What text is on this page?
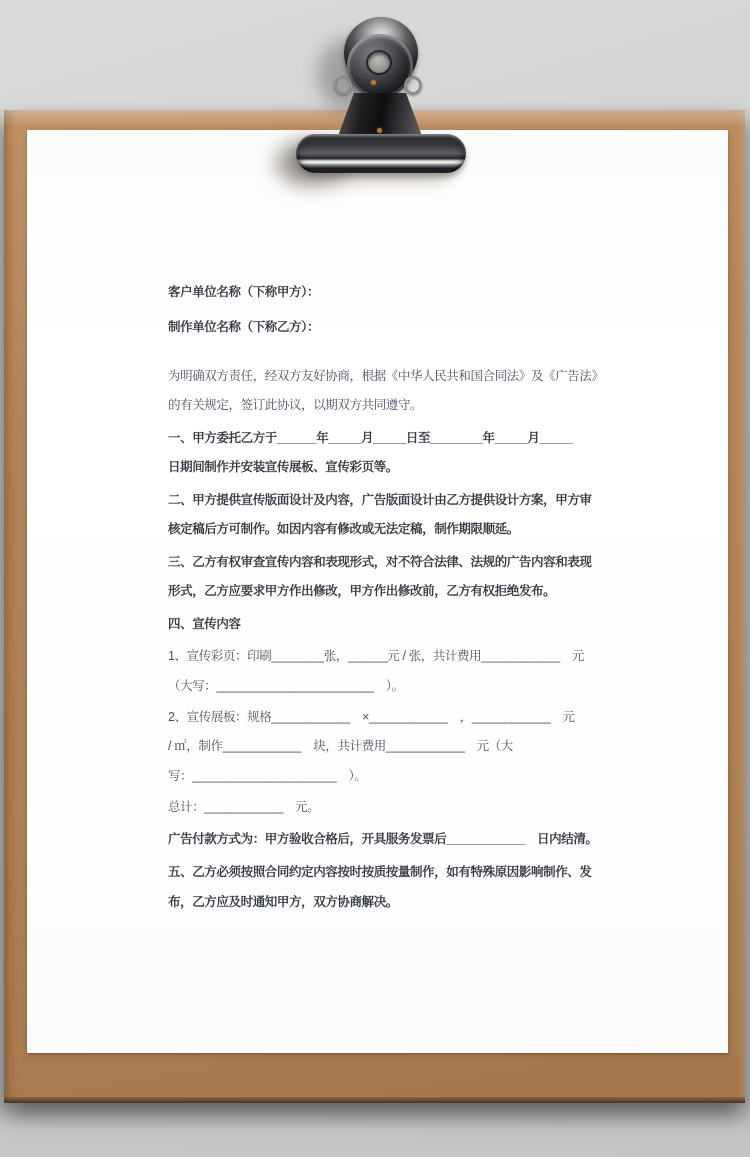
客户单位名称（下称甲方）：
制作单位名称（下称乙方）：
为明确双方责任，经双方友好协商，根据《中华人民共和国合同法》及《广告法》
的有关规定，签订此协议，以期双方共同遵守。
一、甲方委托乙方于______年_____月_____日至________年_____月_____
日期间制作并安装宣传展板、宣传彩页等。
二、甲方提供宣传版面设计及内容，广告版面设计由乙方提供设计方案，甲方审
核定稿后方可制作。如因内容有修改或无法定稿，制作期限顺延。
三、乙方有权审查宣传内容和表现形式，对不符合法律、法规的广告内容和表现
形式，乙方应要求甲方作出修改，甲方作出修改前，乙方有权拒绝发布。
四、宣传内容
1、宣传彩页：印刷________张，______元 / 张，共计费用____________　元
（大写：________________________　）。
2、宣传展板：规格____________　×____________　，____________　元
/ ㎡，制作____________　块，共计费用____________　元（大
写：______________________　）。
总计：____________　元。
广告付款方式为：甲方验收合格后，开具服务发票后____________　日内结清。
五、乙方必须按照合同约定内容按时按质按量制作，如有特殊原因影响制作、发
布，乙方应及时通知甲方，双方协商解决。
